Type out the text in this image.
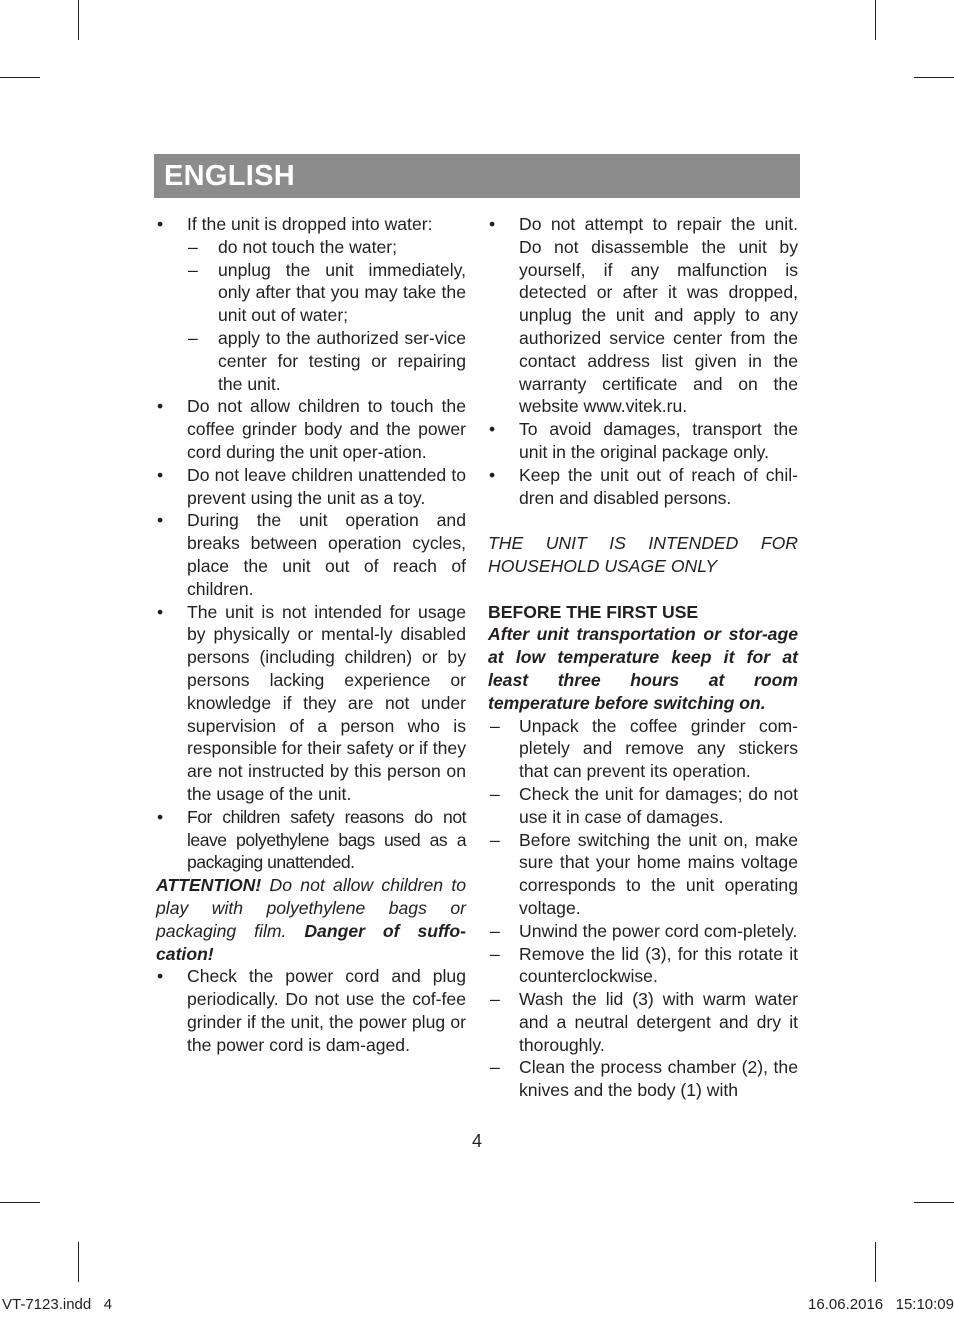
ENGLISH
• If the unit is dropped into water:
– do not touch the water;
– unplug the unit immediately, only after that you may take the unit out of water;
– apply to the authorized ser-vice center for testing or repairing the unit.
• Do not allow children to touch the coffee grinder body and the power cord during the unit oper-ation.
• Do not leave children unattended to prevent using the unit as a toy.
• During the unit operation and breaks between operation cycles, place the unit out of reach of children.
• The unit is not intended for usage by physically or mental-ly disabled persons (including children) or by persons lacking experience or knowledge if they are not under supervision of a person who is responsible for their safety or if they are not instructed by this person on the usage of the unit.
• For children safety reasons do not leave polyethylene bags used as a packaging unattended.
ATTENTION! Do not allow children to play with polyethylene bags or packaging film. Danger of suffo-cation!
• Check the power cord and plug periodically. Do not use the cof-fee grinder if the unit, the power plug or the power cord is dam-aged.
• Do not attempt to repair the unit. Do not disassemble the unit by yourself, if any malfunction is detected or after it was dropped, unplug the unit and apply to any authorized service center from the contact address list given in the warranty certificate and on the website www.vitek.ru.
• To avoid damages, transport the unit in the original package only.
• Keep the unit out of reach of chil-dren and disabled persons.
THE UNIT IS INTENDED FOR HOUSEHOLD USAGE ONLY
BEFORE THE FIRST USE
After unit transportation or stor-age at low temperature keep it for at least three hours at room temperature before switching on.
– Unpack the coffee grinder com-pletely and remove any stickers that can prevent its operation.
– Check the unit for damages; do not use it in case of damages.
– Before switching the unit on, make sure that your home mains voltage corresponds to the unit operating voltage.
– Unwind the power cord com-pletely.
– Remove the lid (3), for this rotate it counterclockwise.
– Wash the lid (3) with warm water and a neutral detergent and dry it thoroughly.
– Clean the process chamber (2), the knives and the body (1) with
4
VT-7123.indd   4	16.06.2016   15:10:09
